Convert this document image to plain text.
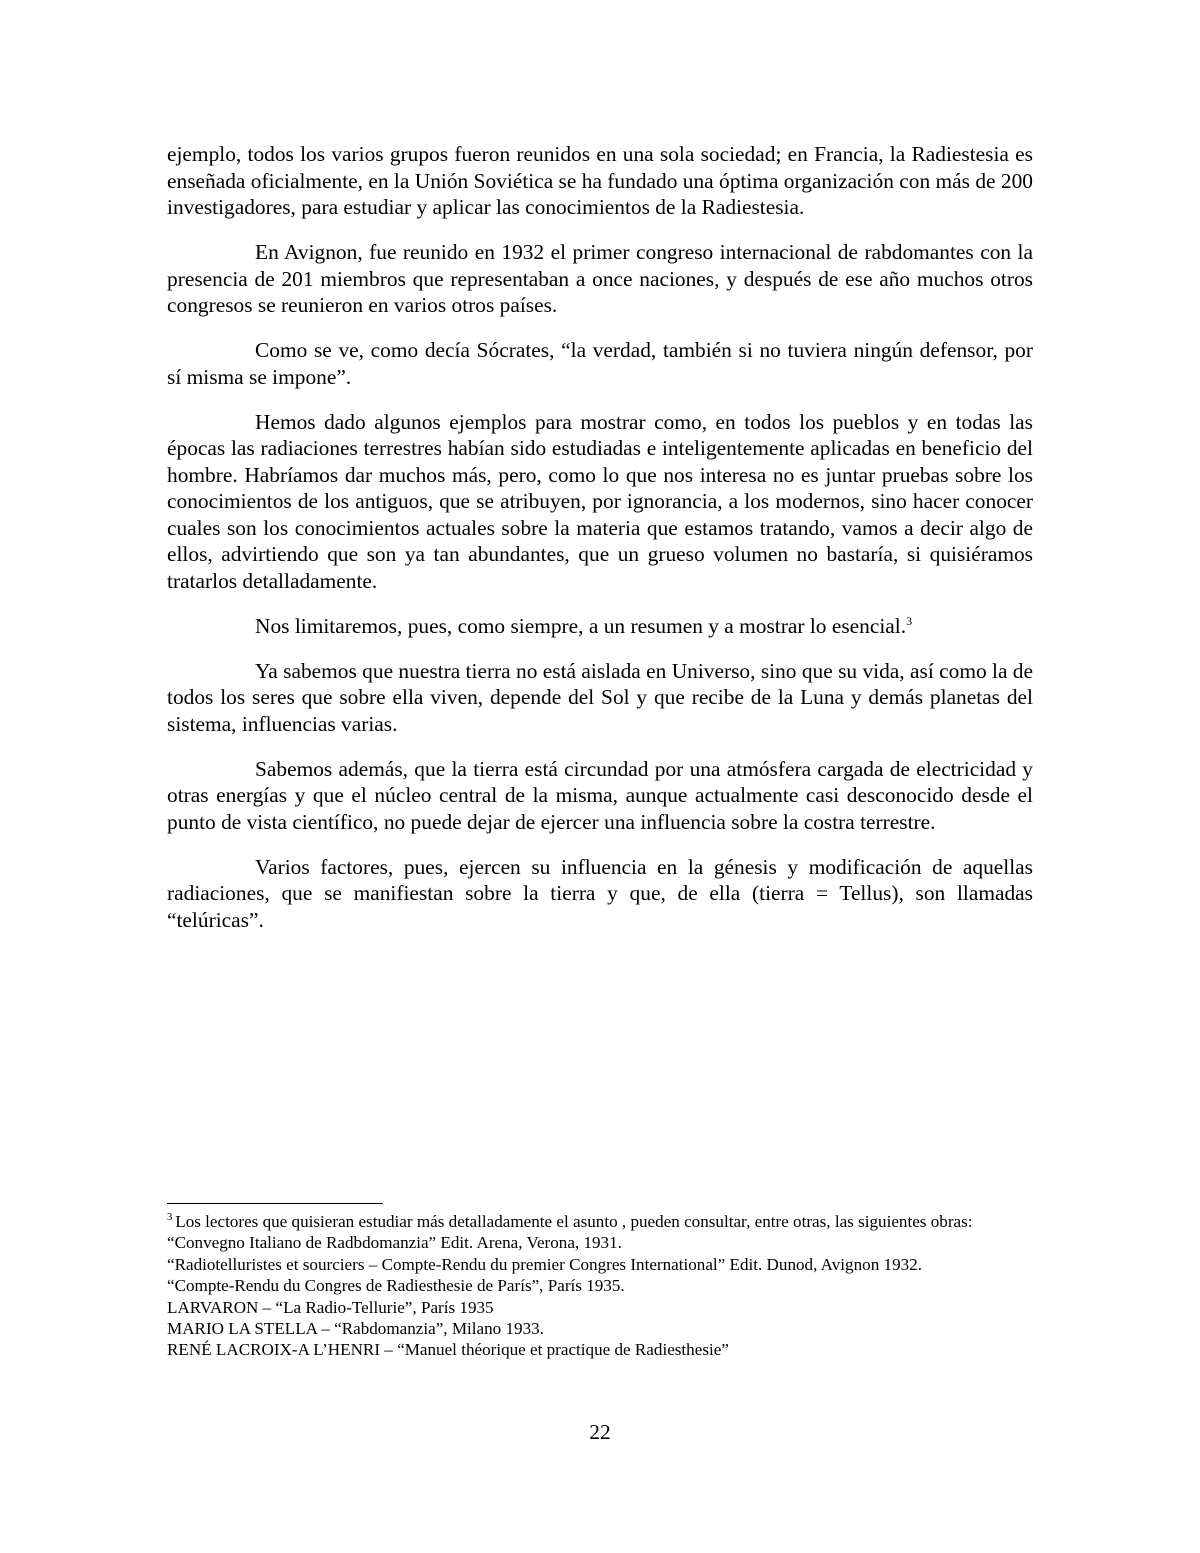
ejemplo, todos los varios grupos fueron reunidos en una sola sociedad; en Francia, la Radiestesia es enseñada oficialmente, en la Unión Soviética se ha fundado una óptima organización con más de 200 investigadores, para estudiar y aplicar las conocimientos de la Radiestesia.

En Avignon, fue reunido en 1932 el primer congreso internacional de rabdomantes con la presencia de 201 miembros que representaban a once naciones, y después de ese año muchos otros congresos se reunieron en varios otros países.

Como se ve, como decía Sócrates, “la verdad, también si no tuviera ningún defensor, por sí misma se impone”.

Hemos dado algunos ejemplos para mostrar como, en todos los pueblos y en todas las épocas las radiaciones terrestres habían sido estudiadas e inteligentemente aplicadas en beneficio del hombre. Habríamos dar muchos más, pero, como lo que nos interesa no es juntar pruebas sobre los conocimientos de los antiguos, que se atribuyen, por ignorancia, a los modernos, sino hacer conocer cuales son los conocimientos actuales sobre la materia que estamos tratando, vamos a decir algo de ellos, advirtiendo que son ya tan abundantes, que un grueso volumen no bastaría, si quisiéramos tratarlos detalladamente.

Nos limitaremos, pues, como siempre, a un resumen y a mostrar lo esencial.$^3$

Ya sabemos que nuestra tierra no está aislada en Universo, sino que su vida, así como la de todos los seres que sobre ella viven, depende del Sol y que recibe de la Luna y demás planetas del sistema, influencias varias.

Sabemos además, que la tierra está circundad por una atmósfera cargada de electricidad y otras energías y que el núcleo central de la misma, aunque actualmente casi desconocido desde el punto de vista científico, no puede dejar de ejercer una influencia sobre la costra terrestre.

Varios factores, pues, ejercen su influencia en la génesis y modificación de aquellas radiaciones, que se manifiestan sobre la tierra y que, de ella (tierra = Tellus), son llamadas “telúricas”.

$^3$ Los lectores que quisieran estudiar más detalladamente el asunto , pueden consultar, entre otras, las siguientes obras:

“Convegno Italiano de Radbdomanzia” Edit. Arena, Verona, 1931.

“Radiotelluristes et sourciers – Compte-Rendu du premier Congres International” Edit. Dunod, Avignon 1932.

“Compte-Rendu du Congres de Radiesthesie de París”, París 1935.

LARVARON – “La Radio-Tellurie”, París 1935

MARIO LA STELLA – “Rabdomanzia”, Milano 1933.

RENÉ LACROIX-A L’HENRI – “Manuel théorique et practique de Radiesthesie”

22
